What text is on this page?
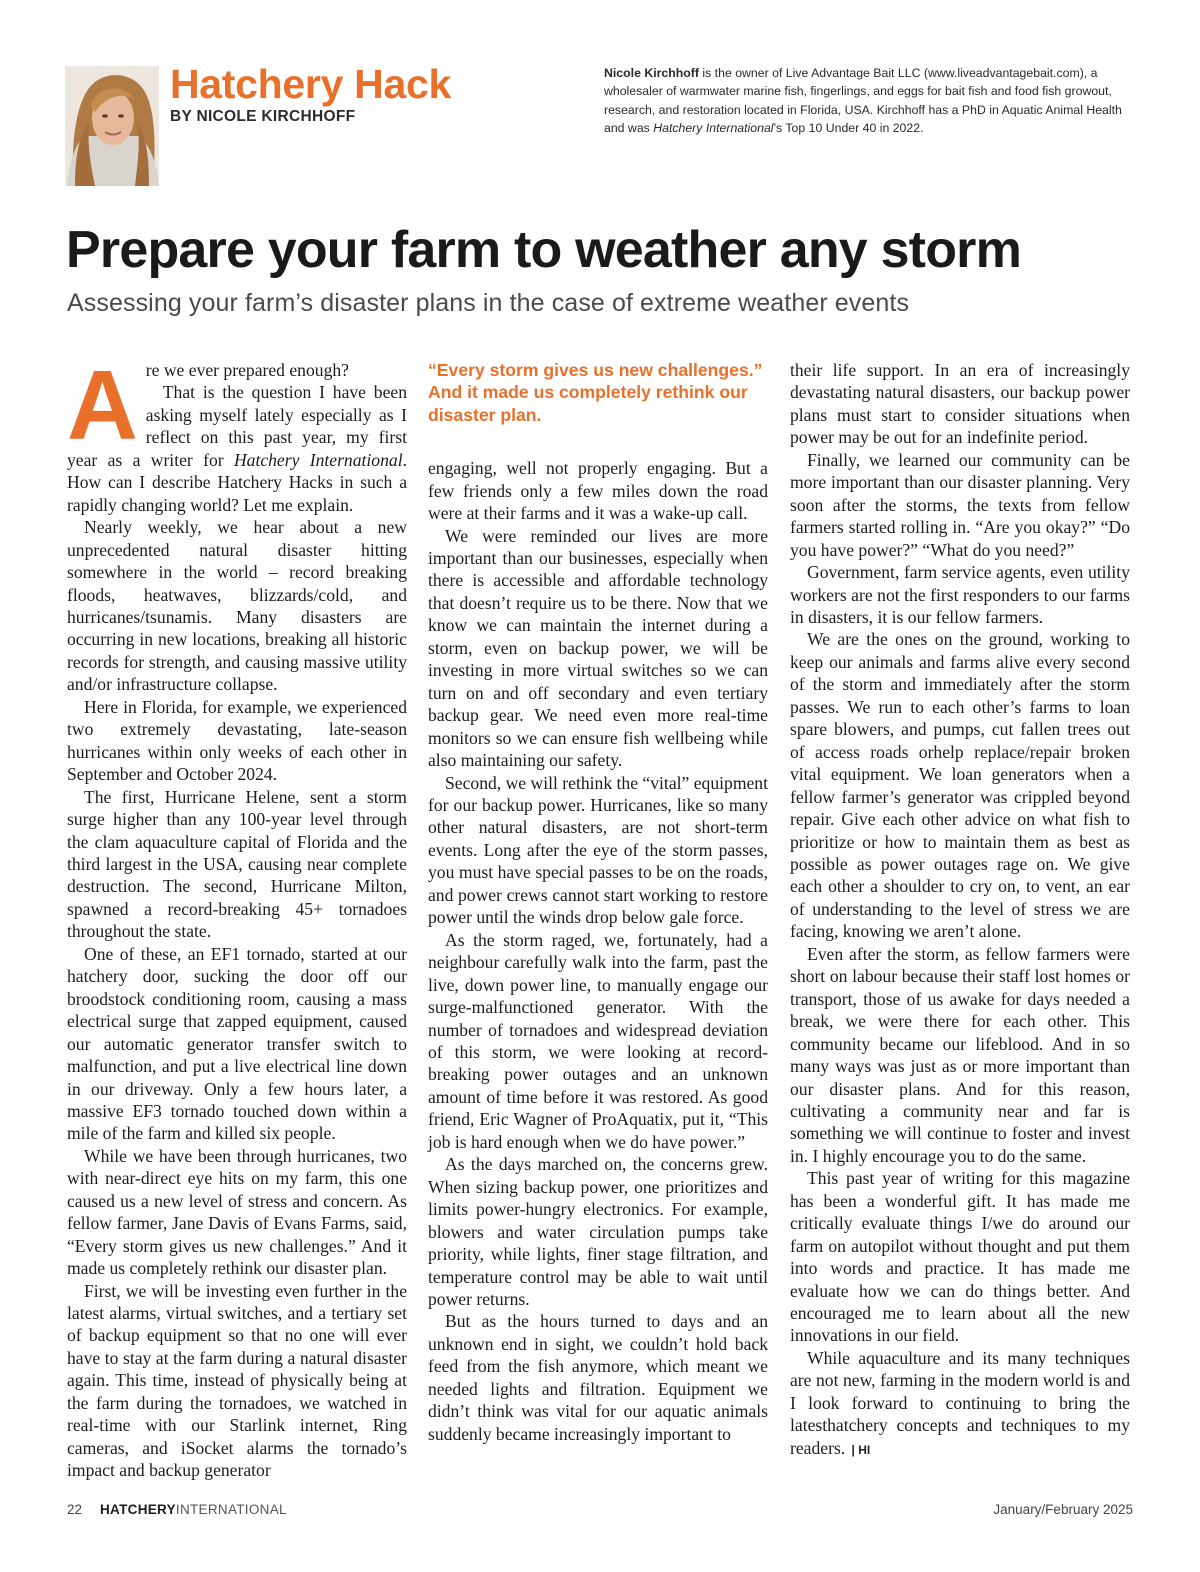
Hatchery Hack
BY NICOLE KIRCHHOFF
Nicole Kirchhoff is the owner of Live Advantage Bait LLC (www.liveadvantagebait.com), a wholesaler of warmwater marine fish, fingerlings, and eggs for bait fish and food fish growout, research, and restoration located in Florida, USA. Kirchhoff has a PhD in Aquatic Animal Health and was Hatchery International’s Top 10 Under 40 in 2022.
Prepare your farm to weather any storm
Assessing your farm’s disaster plans in the case of extreme weather events

Are we ever prepared enough?
That is the question I have been asking myself lately especially as I reflect on this past year, my first year as a writer for Hatchery International. How can I describe Hatchery Hacks in such a rapidly changing world? Let me explain.

Nearly weekly, we hear about a new unprecedented natural disaster hitting somewhere in the world – record breaking floods, heatwaves, blizzards/cold, and hurricanes/tsunamis. Many disasters are occurring in new locations, breaking all historic records for strength, and causing massive utility and/or infrastructure collapse.

Here in Florida, for example, we experienced two extremely devastating, late-season hurricanes within only weeks of each other in September and October 2024.

The first, Hurricane Helene, sent a storm surge higher than any 100-year level through the clam aquaculture capital of Florida and the third largest in the USA, causing near complete destruction. The second, Hurricane Milton, spawned a record-breaking 45+ tornadoes throughout the state.

One of these, an EF1 tornado, started at our hatchery door, sucking the door off our broodstock conditioning room, causing a mass electrical surge that zapped equipment, caused our automatic generator transfer switch to malfunction, and put a live electrical line down in our driveway. Only a few hours later, a massive EF3 tornado touched down within a mile of the farm and killed six people.

While we have been through hurricanes, two with near-direct eye hits on my farm, this one caused us a new level of stress and concern. As fellow farmer, Jane Davis of Evans Farms, said, “Every storm gives us new challenges.” And it made us completely rethink our disaster plan.

First, we will be investing even further in the latest alarms, virtual switches, and a tertiary set of backup equipment so that no one will ever have to stay at the farm during a natural disaster again. This time, instead of physically being at the farm during the tornadoes, we watched in real-time with our Starlink internet, Ring cameras, and iSocket alarms the tornado’s impact and backup generator

“Every storm gives us new challenges.” And it made us completely rethink our disaster plan.

engaging, well not properly engaging. But a few friends only a few miles down the road were at their farms and it was a wake-up call.

We were reminded our lives are more important than our businesses, especially when there is accessible and affordable technology that doesn’t require us to be there. Now that we know we can maintain the internet during a storm, even on backup power, we will be investing in more virtual switches so we can turn on and off secondary and even tertiary backup gear. We need even more real-time monitors so we can ensure fish wellbeing while also maintaining our safety.

Second, we will rethink the “vital” equipment for our backup power. Hurricanes, like so many other natural disasters, are not short-term events. Long after the eye of the storm passes, you must have special passes to be on the roads, and power crews cannot start working to restore power until the winds drop below gale force.

As the storm raged, we, fortunately, had a neighbour carefully walk into the farm, past the live, down power line, to manually engage our surge-malfunctioned generator. With the number of tornadoes and widespread deviation of this storm, we were looking at record-breaking power outages and an unknown amount of time before it was restored. As good friend, Eric Wagner of ProAquatix, put it, “This job is hard enough when we do have power.”

As the days marched on, the concerns grew. When sizing backup power, one prioritizes and limits power-hungry electronics. For example, blowers and water circulation pumps take priority, while lights, finer stage filtration, and temperature control may be able to wait until power returns.

But as the hours turned to days and an unknown end in sight, we couldn’t hold back feed from the fish anymore, which meant we needed lights and filtration. Equipment we didn’t think was vital for our aquatic animals suddenly became increasingly important to

their life support. In an era of increasingly devastating natural disasters, our backup power plans must start to consider situations when power may be out for an indefinite period.

Finally, we learned our community can be more important than our disaster planning. Very soon after the storms, the texts from fellow farmers started rolling in. “Are you okay?” “Do you have power?” “What do you need?”

Government, farm service agents, even utility workers are not the first responders to our farms in disasters, it is our fellow farmers.

We are the ones on the ground, working to keep our animals and farms alive every second of the storm and immediately after the storm passes. We run to each other’s farms to loan spare blowers, and pumps, cut fallen trees out of access roads orhelp replace/repair broken vital equipment. We loan generators when a fellow farmer’s generator was crippled beyond repair. Give each other advice on what fish to prioritize or how to maintain them as best as possible as power outages rage on. We give each other a shoulder to cry on, to vent, an ear of understanding to the level of stress we are facing, knowing we aren’t alone.

Even after the storm, as fellow farmers were short on labour because their staff lost homes or transport, those of us awake for days needed a break, we were there for each other. This community became our lifeblood. And in so many ways was just as or more important than our disaster plans. And for this reason, cultivating a community near and far is something we will continue to foster and invest in. I highly encourage you to do the same.

This past year of writing for this magazine has been a wonderful gift. It has made me critically evaluate things I/we do around our farm on autopilot without thought and put them into words and practice. It has made me evaluate how we can do things better. And encouraged me to learn about all the new innovations in our field.

While aquaculture and its many techniques are not new, farming in the modern world is and I look forward to continuing to bring the latesthatchery concepts and techniques to my readers. | HI

22 HATCHERYINTERNATIONAL	January/February 2025
